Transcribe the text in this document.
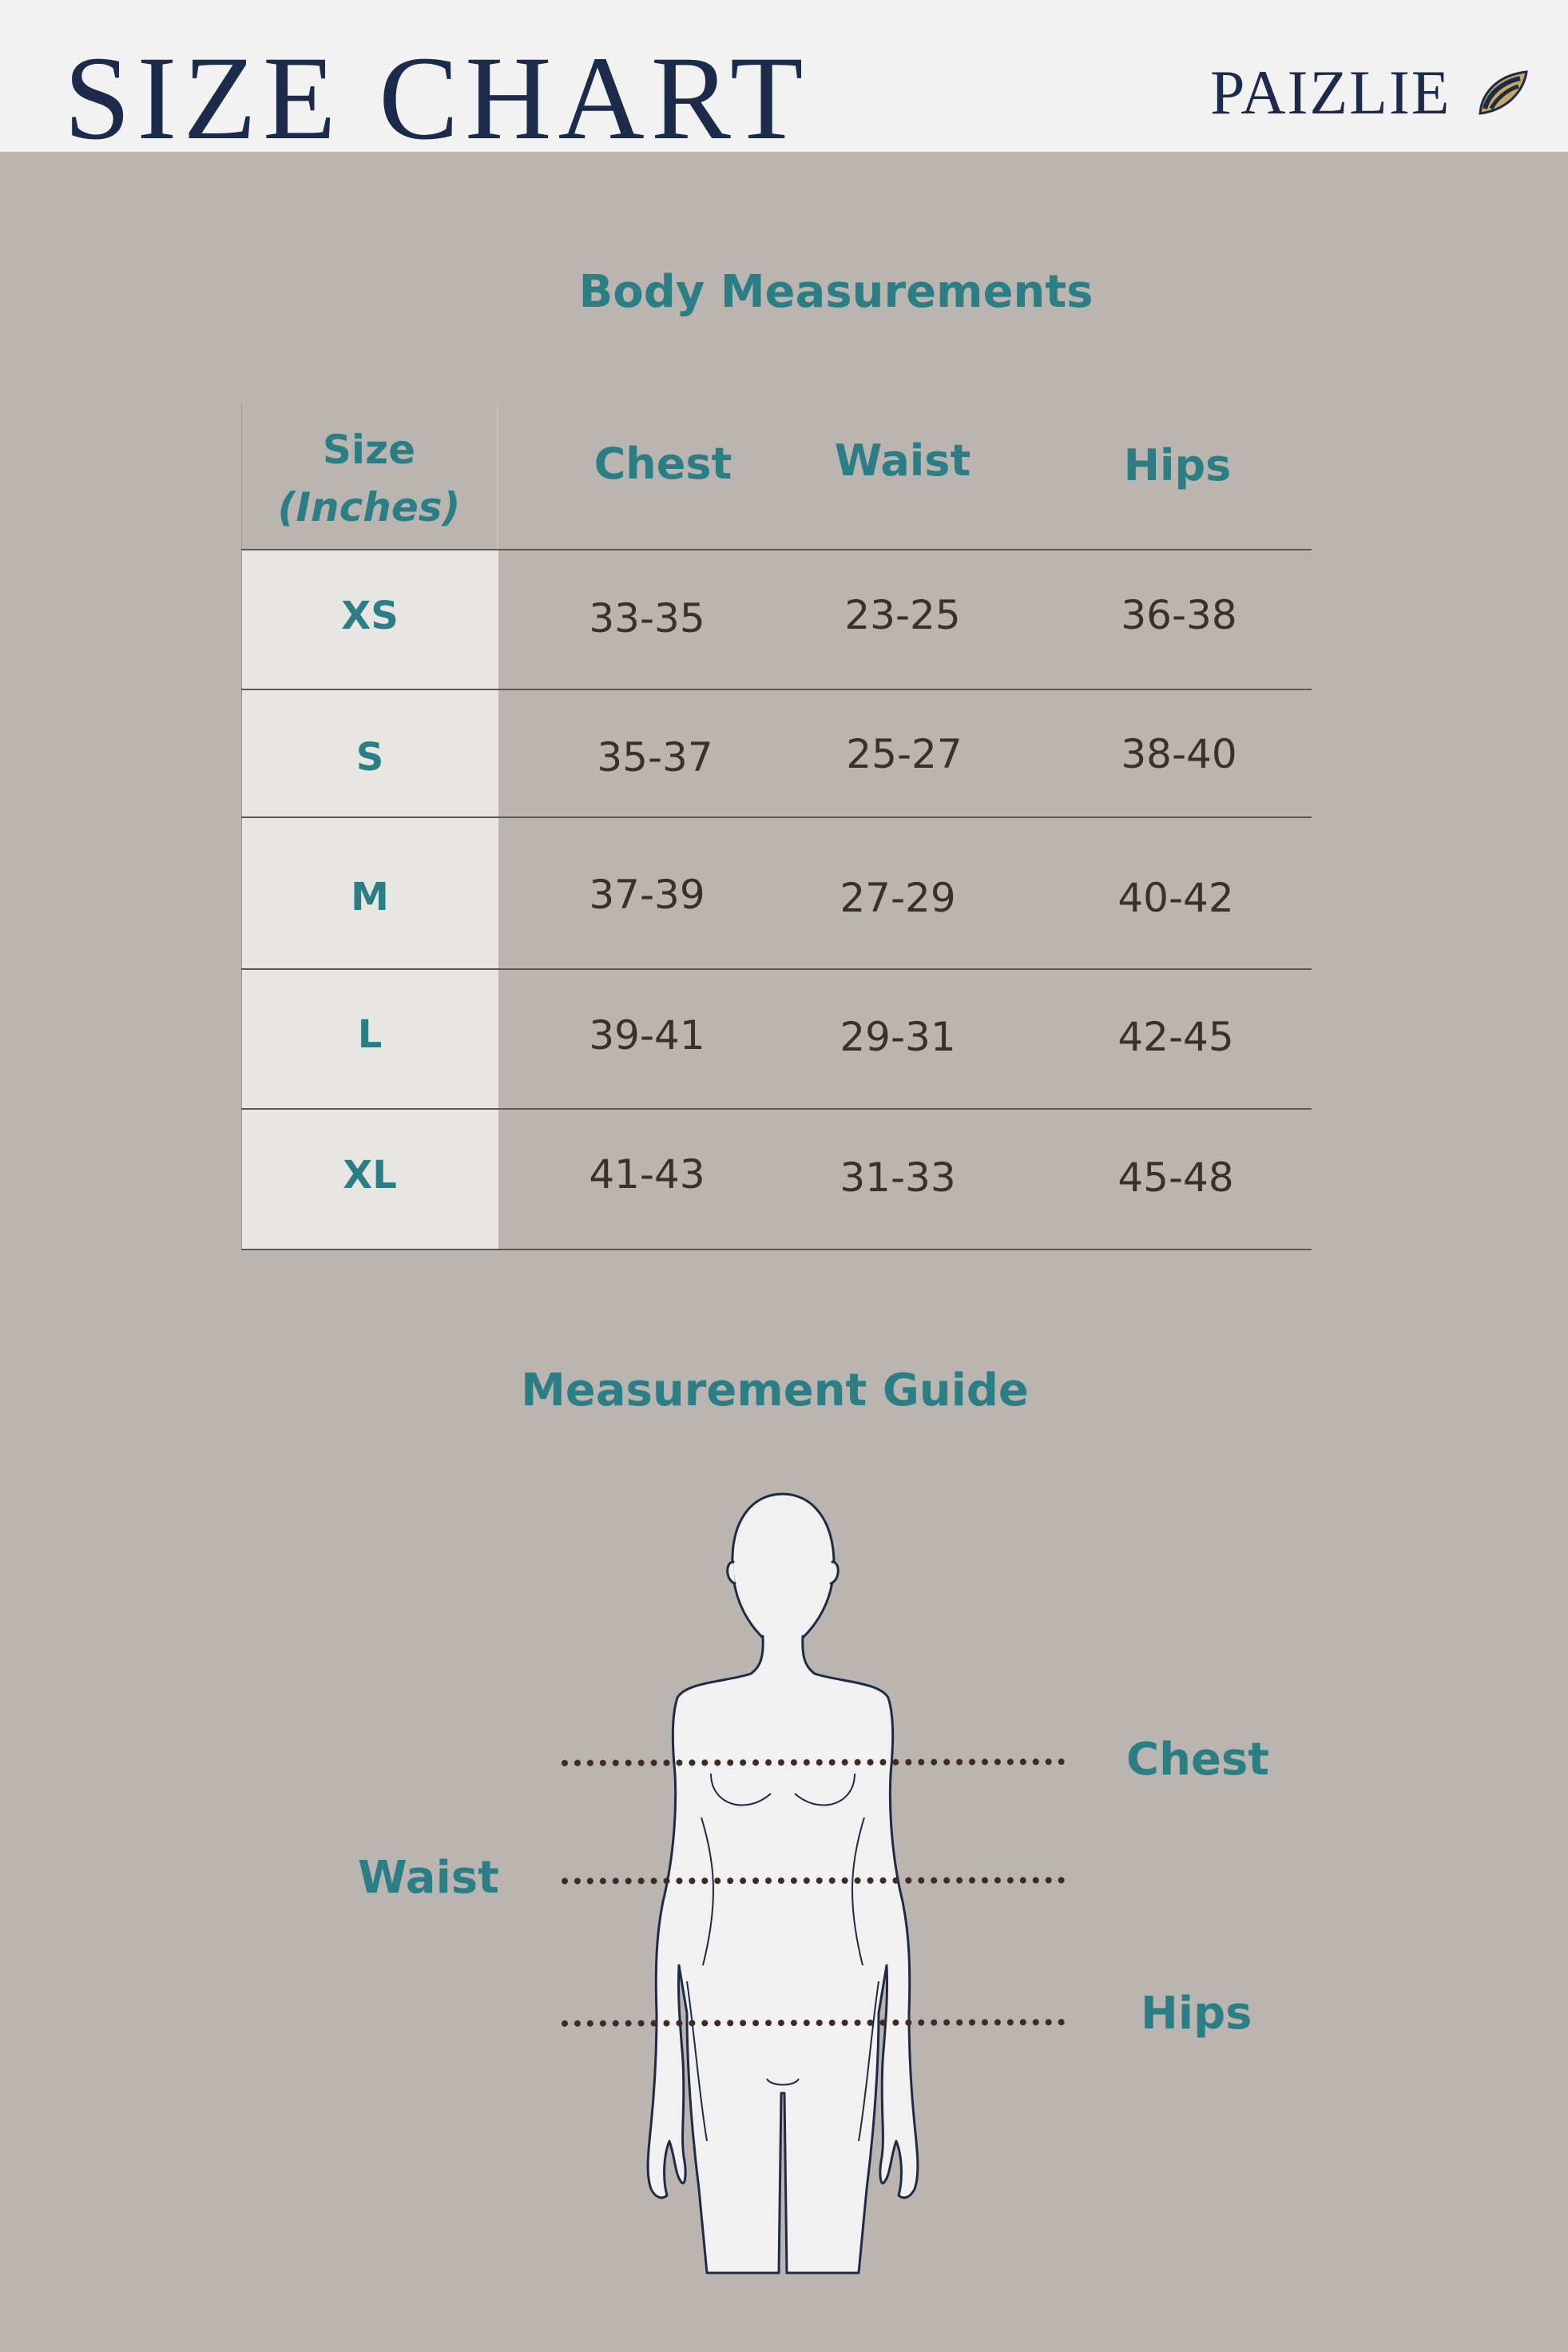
SIZE CHART	PAIZLIE
Body Measurements
Size
(Inches)
Chest	Waist	Hips
XS	33-35	23-25	36-38
S	35-37	25-27	38-40
M	37-39	27-29	40-42
L	39-41	29-31	42-45
XL	41-43	31-33	45-48
Measurement Guide
Chest
Waist
Hips
